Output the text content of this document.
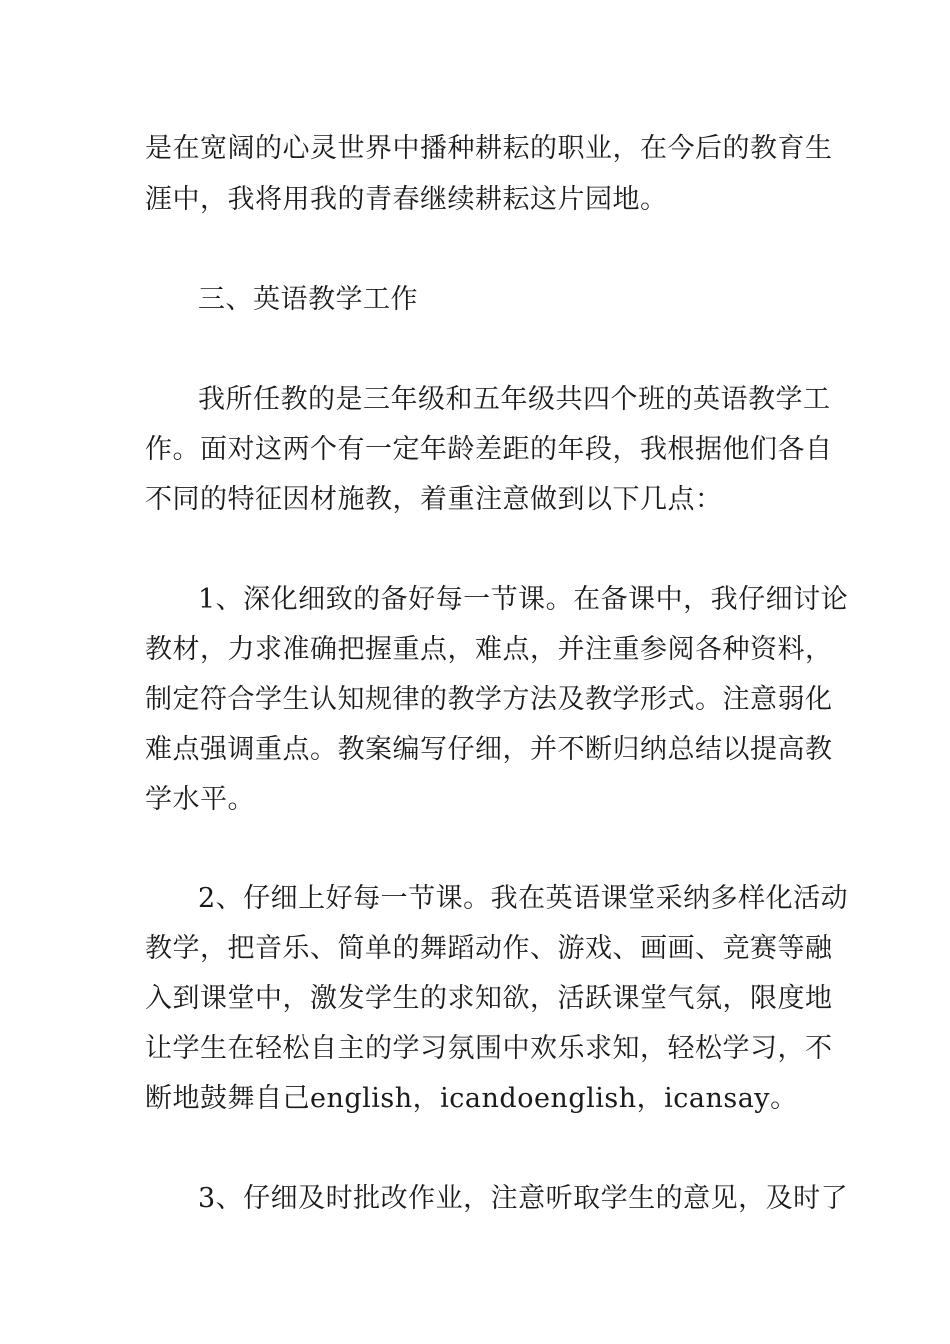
是在宽阔的心灵世界中播种耕耘的职业，在今后的教育生
涯中，我将用我的青春继续耕耘这片园地。
三、英语教学工作
我所任教的是三年级和五年级共四个班的英语教学工
作。面对这两个有一定年龄差距的年段，我根据他们各自
不同的特征因材施教，着重注意做到以下几点：
1、深化细致的备好每一节课。在备课中，我仔细讨论
教材，力求准确把握重点，难点，并注重参阅各种资料，
制定符合学生认知规律的教学方法及教学形式。注意弱化
难点强调重点。教案编写仔细，并不断归纳总结以提高教
学水平。
2、仔细上好每一节课。我在英语课堂采纳多样化活动
教学，把音乐、简单的舞蹈动作、游戏、画画、竞赛等融
入到课堂中，激发学生的求知欲，活跃课堂气氛，限度地
让学生在轻松自主的学习氛围中欢乐求知，轻松学习，不
断地鼓舞自己english，icandoenglish，icansay。
3、仔细及时批改作业，注意听取学生的意见，及时了
